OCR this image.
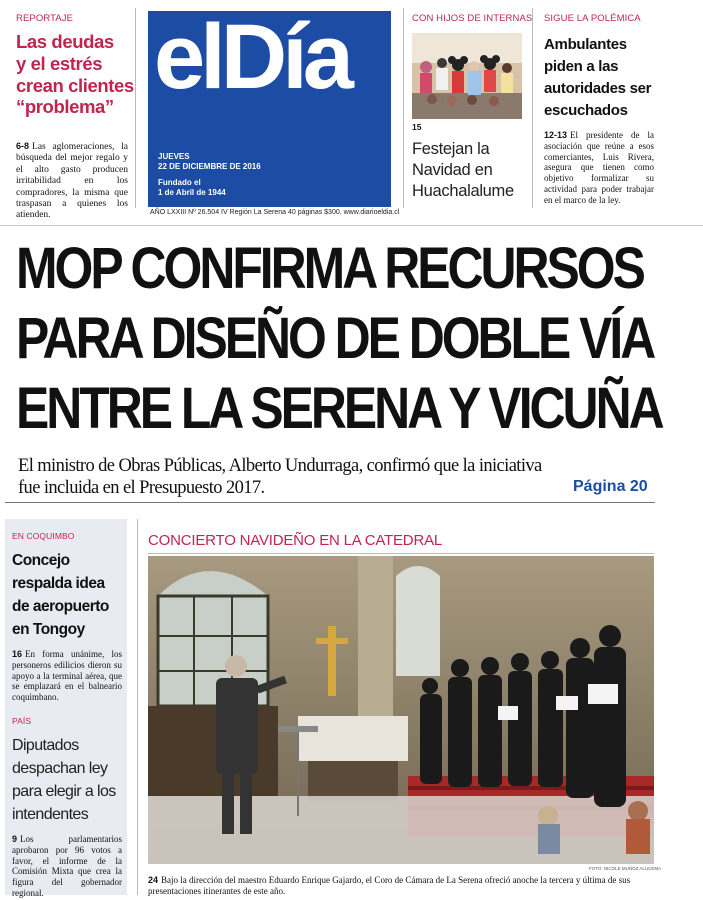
REPORTAJE
Las deudas
y el estrés
crean clientes
“problema”
6-8 Las aglomeraciones, la búsqueda del mejor regalo y el alto gasto producen irritabilidad en los compradores, la misma que traspasan a quienes los atienden.
elDía
JUEVES
22 DE DICIEMBRE DE 2016
Fundado el
1 de Abril de 1944
AÑO LXXIII Nº 26.504 IV Región La Serena 40 páginas $300. www.diarioeldia.cl
CON HIJOS DE INTERNAS
15
Festejan la
Navidad en
Huachalalume
SIGUE LA POLÉMICA
Ambulantes
piden a las
autoridades ser
escuchados
12-13 El presidente de la asociación que reúne a esos comerciantes, Luis Rivera, asegura que tienen como objetivo formalizar su actividad para poder trabajar en el marco de la ley.
MOP CONFIRMA RECURSOS
PARA DISEÑO DE DOBLE VÍA
ENTRE LA SERENA Y VICUÑA
El ministro de Obras Públicas, Alberto Undurraga, confirmó que la iniciativa
fue incluida en el Presupuesto 2017.	Página 20
EN COQUIMBO
Concejo
respalda idea
de aeropuerto
en Tongoy
16 En forma unánime, los personeros edilicios dieron su apoyo a la terminal aérea, que se emplazará en el balneario coquimbano.
PAÍS
Diputados
despachan ley
para elegir a los
intendentes
9 Los parlamentarios aprobaron por 96 votos a favor, el informe de la Comisión Mixta que crea la figura del gobernador regional.
CONCIERTO NAVIDEÑO EN LA CATEDRAL
FOTO: NICOLE MUÑOZ ALUCEMA
24 Bajo la dirección del maestro Eduardo Enrique Gajardo, el Coro de Cámara de La Serena ofreció anoche la tercera y última de sus presentaciones itinerantes de este año.
